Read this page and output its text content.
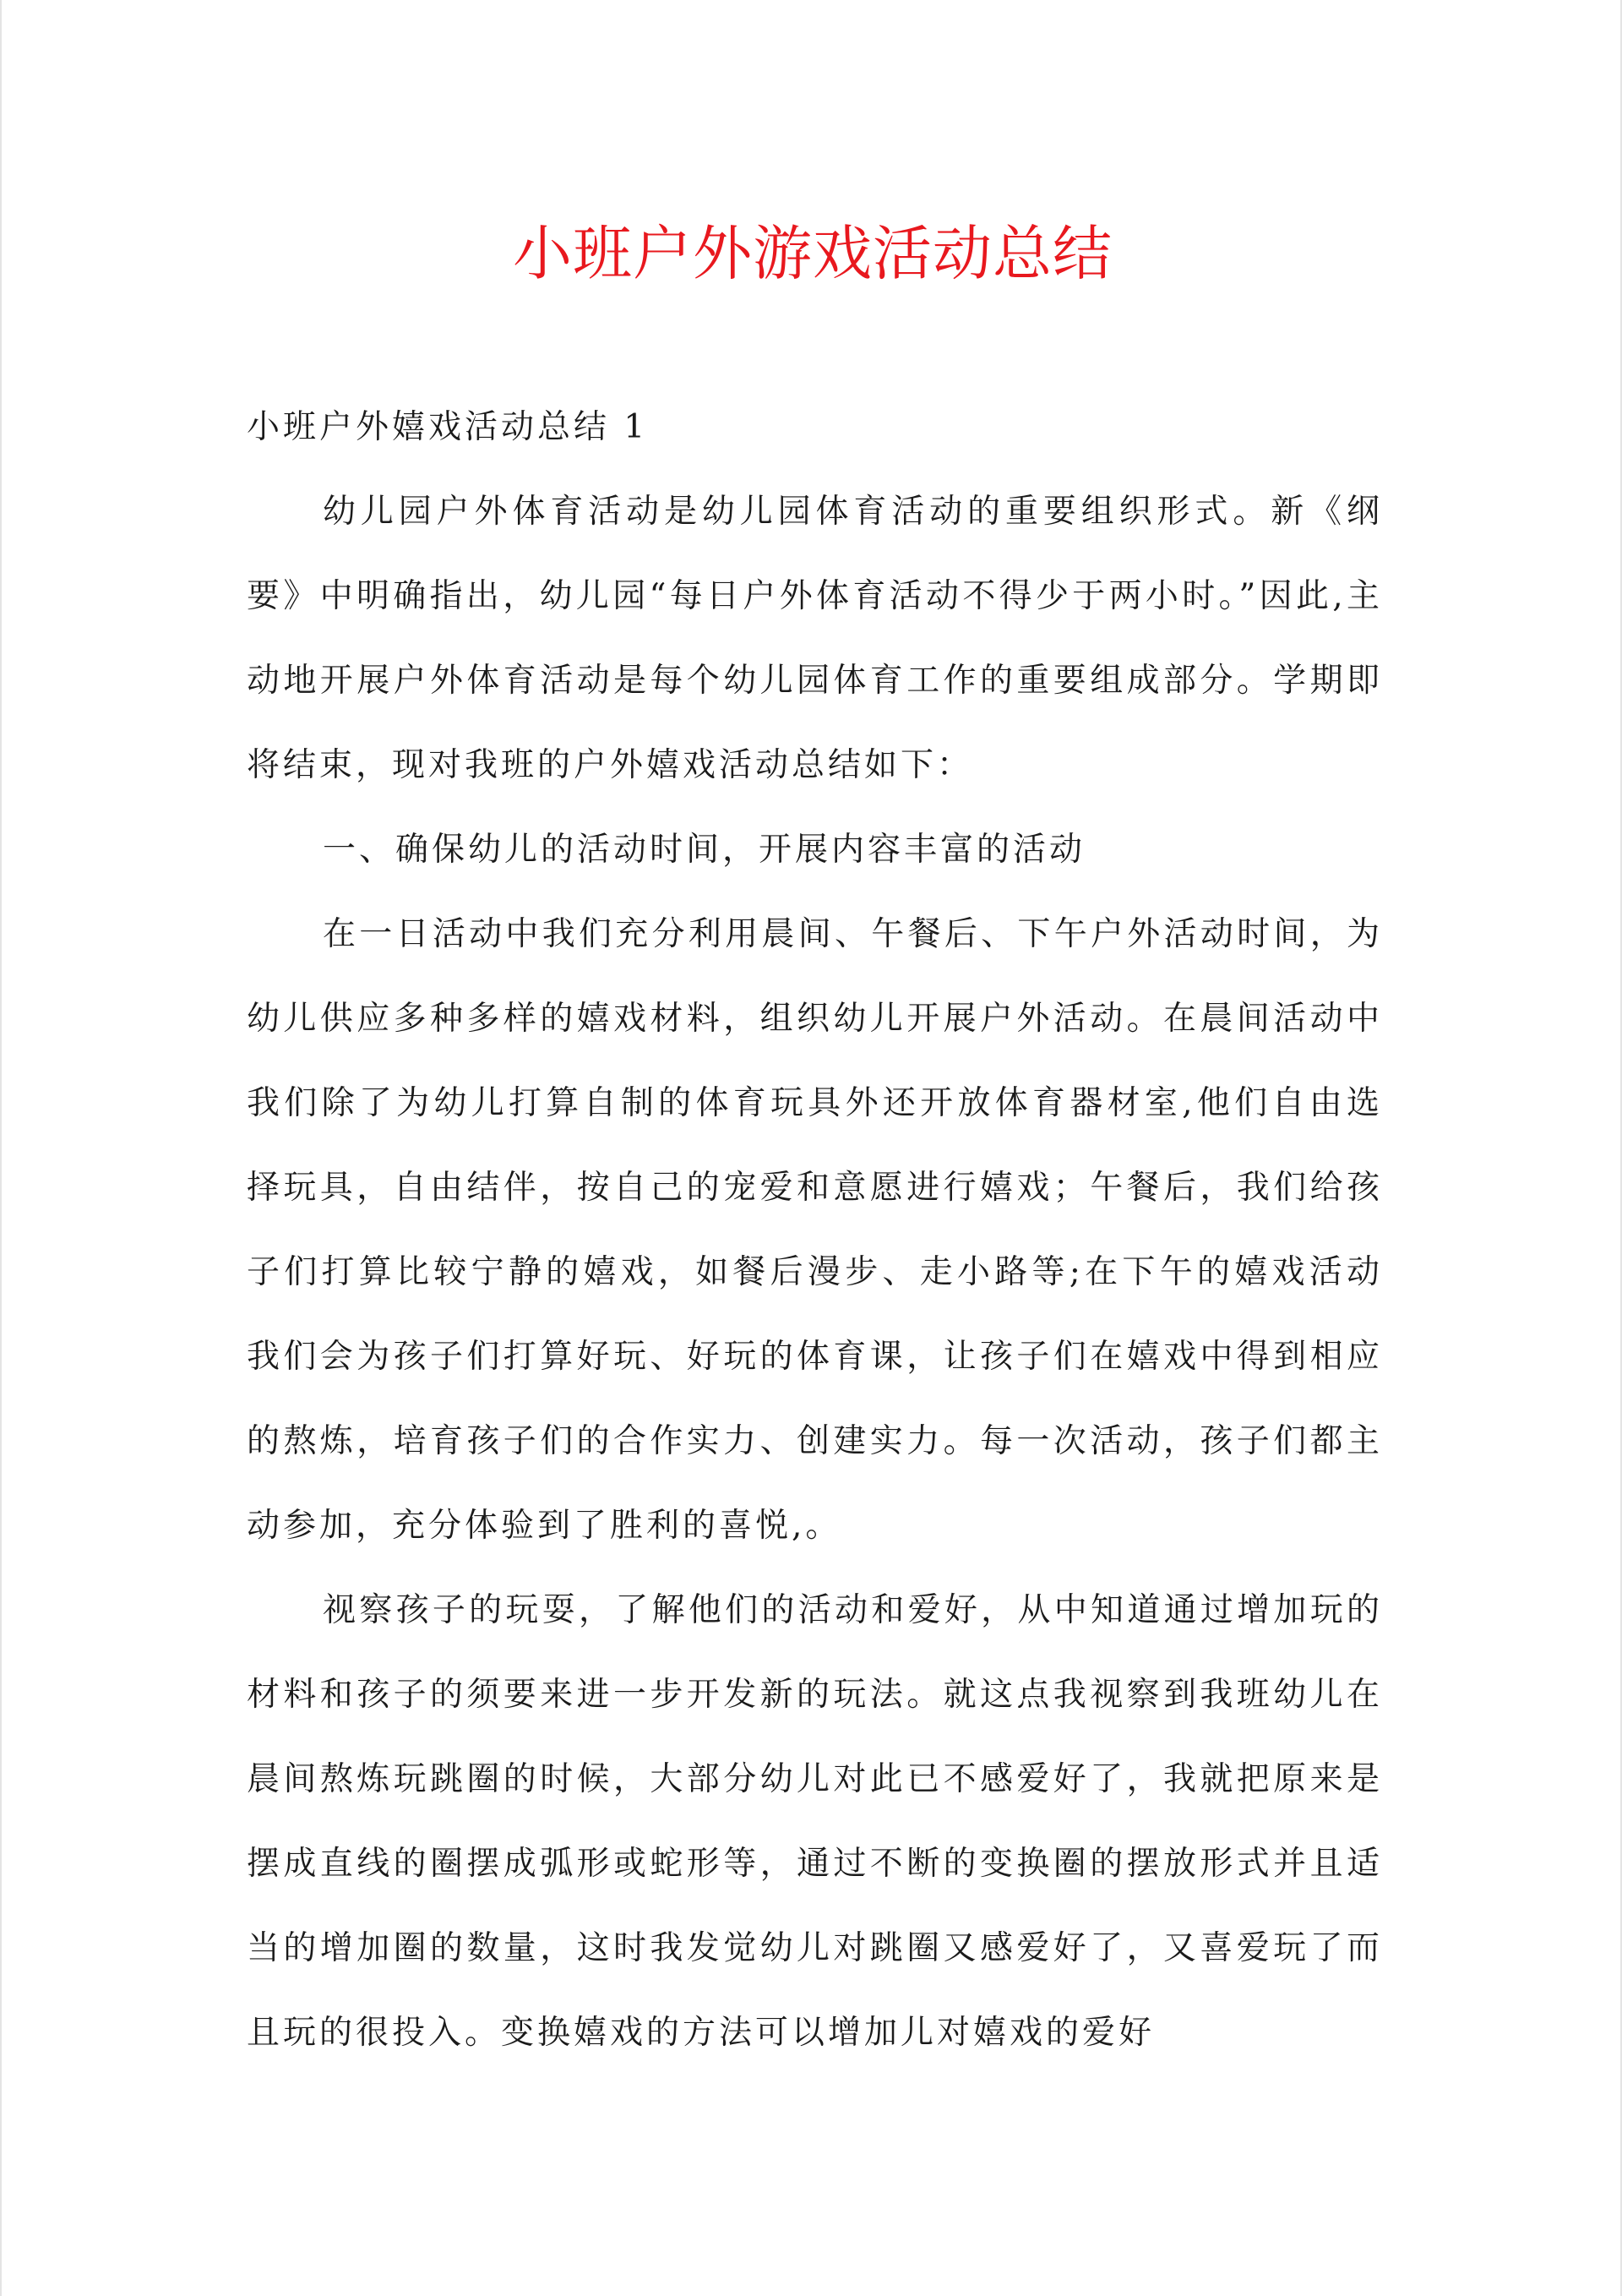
小班户外游戏活动总结

小班户外嬉戏活动总结 1

幼儿园户外体育活动是幼儿园体育活动的重要组织形式。新《纲要》中明确指出，幼儿园“每日户外体育活动不得少于两小时。”因此,主动地开展户外体育活动是每个幼儿园体育工作的重要组成部分。学期即将结束，现对我班的户外嬉戏活动总结如下：

一、确保幼儿的活动时间，开展内容丰富的活动

在一日活动中我们充分利用晨间、午餐后、下午户外活动时间，为幼儿供应多种多样的嬉戏材料，组织幼儿开展户外活动。在晨间活动中我们除了为幼儿打算自制的体育玩具外还开放体育器材室,他们自由选择玩具，自由结伴，按自己的宠爱和意愿进行嬉戏；午餐后，我们给孩子们打算比较宁静的嬉戏，如餐后漫步、走小路等;在下午的嬉戏活动我们会为孩子们打算好玩、好玩的体育课，让孩子们在嬉戏中得到相应的熬炼，培育孩子们的合作实力、创建实力。每一次活动，孩子们都主动参加，充分体验到了胜利的喜悦,。

视察孩子的玩耍，了解他们的活动和爱好，从中知道通过增加玩的材料和孩子的须要来进一步开发新的玩法。就这点我视察到我班幼儿在晨间熬炼玩跳圈的时候，大部分幼儿对此已不感爱好了，我就把原来是摆成直线的圈摆成弧形或蛇形等，通过不断的变换圈的摆放形式并且适当的增加圈的数量，这时我发觉幼儿对跳圈又感爱好了，又喜爱玩了而且玩的很投入。变换嬉戏的方法可以增加儿对嬉戏的爱好
